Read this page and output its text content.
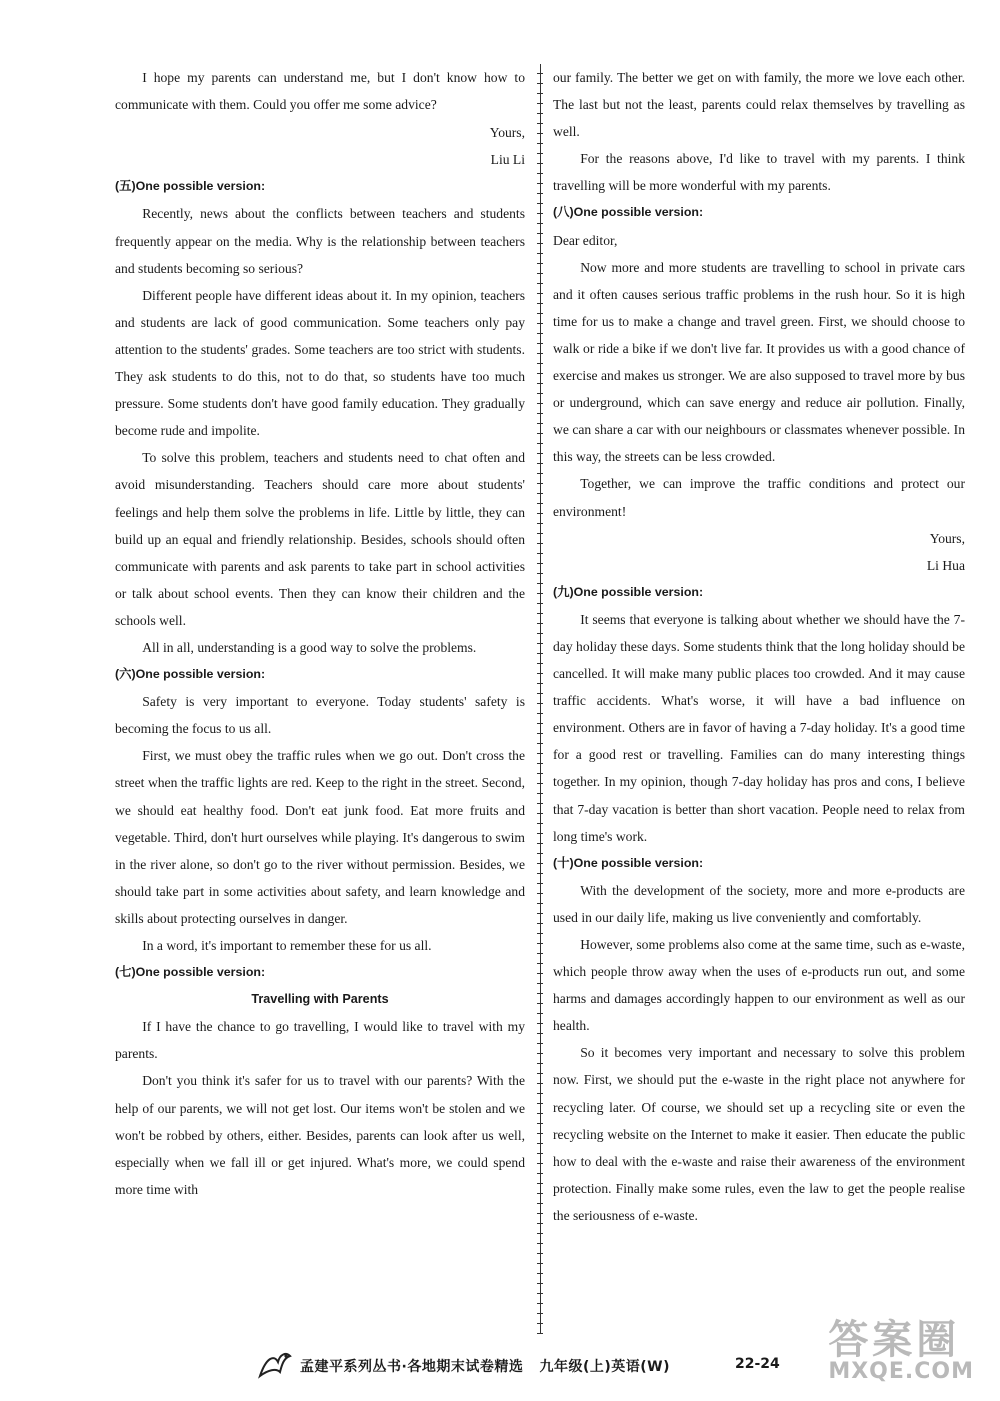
I hope my parents can understand me, but I don't know how to communicate with them. Could you offer me some advice?

Yours,

Liu Li

(五)One possible version:

Recently, news about the conflicts between teachers and students frequently appear on the media. Why is the relationship between teachers and students becoming so serious?

Different people have different ideas about it. In my opinion, teachers and students are lack of good communication. Some teachers only pay attention to the students' grades. Some teachers are too strict with students. They ask students to do this, not to do that, so students have too much pressure. Some students don't have good family education. They gradually become rude and impolite.

To solve this problem, teachers and students need to chat often and avoid misunderstanding. Teachers should care more about students' feelings and help them solve the problems in life. Little by little, they can build up an equal and friendly relationship. Besides, schools should often communicate with parents and ask parents to take part in school activities or talk about school events. Then they can know their children and the schools well.

All in all, understanding is a good way to solve the problems.

(六)One possible version:

Safety is very important to everyone. Today students' safety is becoming the focus to us all.

First, we must obey the traffic rules when we go out. Don't cross the street when the traffic lights are red. Keep to the right in the street. Second, we should eat healthy food. Don't eat junk food. Eat more fruits and vegetable. Third, don't hurt ourselves while playing. It's dangerous to swim in the river alone, so don't go to the river without permission. Besides, we should take part in some activities about safety, and learn knowledge and skills about protecting ourselves in danger.

In a word, it's important to remember these for us all.

(七)One possible version:

Travelling with Parents

If I have the chance to go travelling, I would like to travel with my parents.

Don't you think it's safer for us to travel with our parents? With the help of our parents, we will not get lost. Our items won't be stolen and we won't be robbed by others, either. Besides, parents can look after us well, especially when we fall ill or get injured. What's more, we could spend more time with

our family. The better we get on with family, the more we love each other. The last but not the least, parents could relax themselves by travelling as well.

For the reasons above, I'd like to travel with my parents. I think travelling will be more wonderful with my parents.

(八)One possible version:

Dear editor,

Now more and more students are travelling to school in private cars and it often causes serious traffic problems in the rush hour. So it is high time for us to make a change and travel green. First, we should choose to walk or ride a bike if we don't live far. It provides us with a good chance of exercise and makes us stronger. We are also supposed to travel more by bus or underground, which can save energy and reduce air pollution. Finally, we can share a car with our neighbours or classmates whenever possible. In this way, the streets can be less crowded.

Together, we can improve the traffic conditions and protect our environment!

Yours,

Li Hua

(九)One possible version:

It seems that everyone is talking about whether we should have the 7-day holiday these days. Some students think that the long holiday should be cancelled. It will make many public places too crowded. And it may cause traffic accidents. What's worse, it will have a bad influence on environment. Others are in favor of having a 7-day holiday. It's a good time for a good rest or travelling. Families can do many interesting things together. In my opinion, though 7-day holiday has pros and cons, I believe that 7-day vacation is better than short vacation. People need to relax from long time's work.

(十)One possible version:

With the development of the society, more and more e-products are used in our daily life, making us live conveniently and comfortably.

However, some problems also come at the same time, such as e-waste, which people throw away when the uses of e-products run out, and some harms and damages accordingly happen to our environment as well as our health.

So it becomes very important and necessary to solve this problem now. First, we should put the e-waste in the right place not anywhere for recycling later. Of course, we should set up a recycling site or even the recycling website on the Internet to make it easier. Then educate the public how to deal with the e-waste and raise their awareness of the environment protection. Finally make some rules, even the law to get the people realise the seriousness of e-waste.

孟建平系列丛书·各地期末试卷精选 九年级(上)英语(W)	22-24
答案圈
MXQE.COM
